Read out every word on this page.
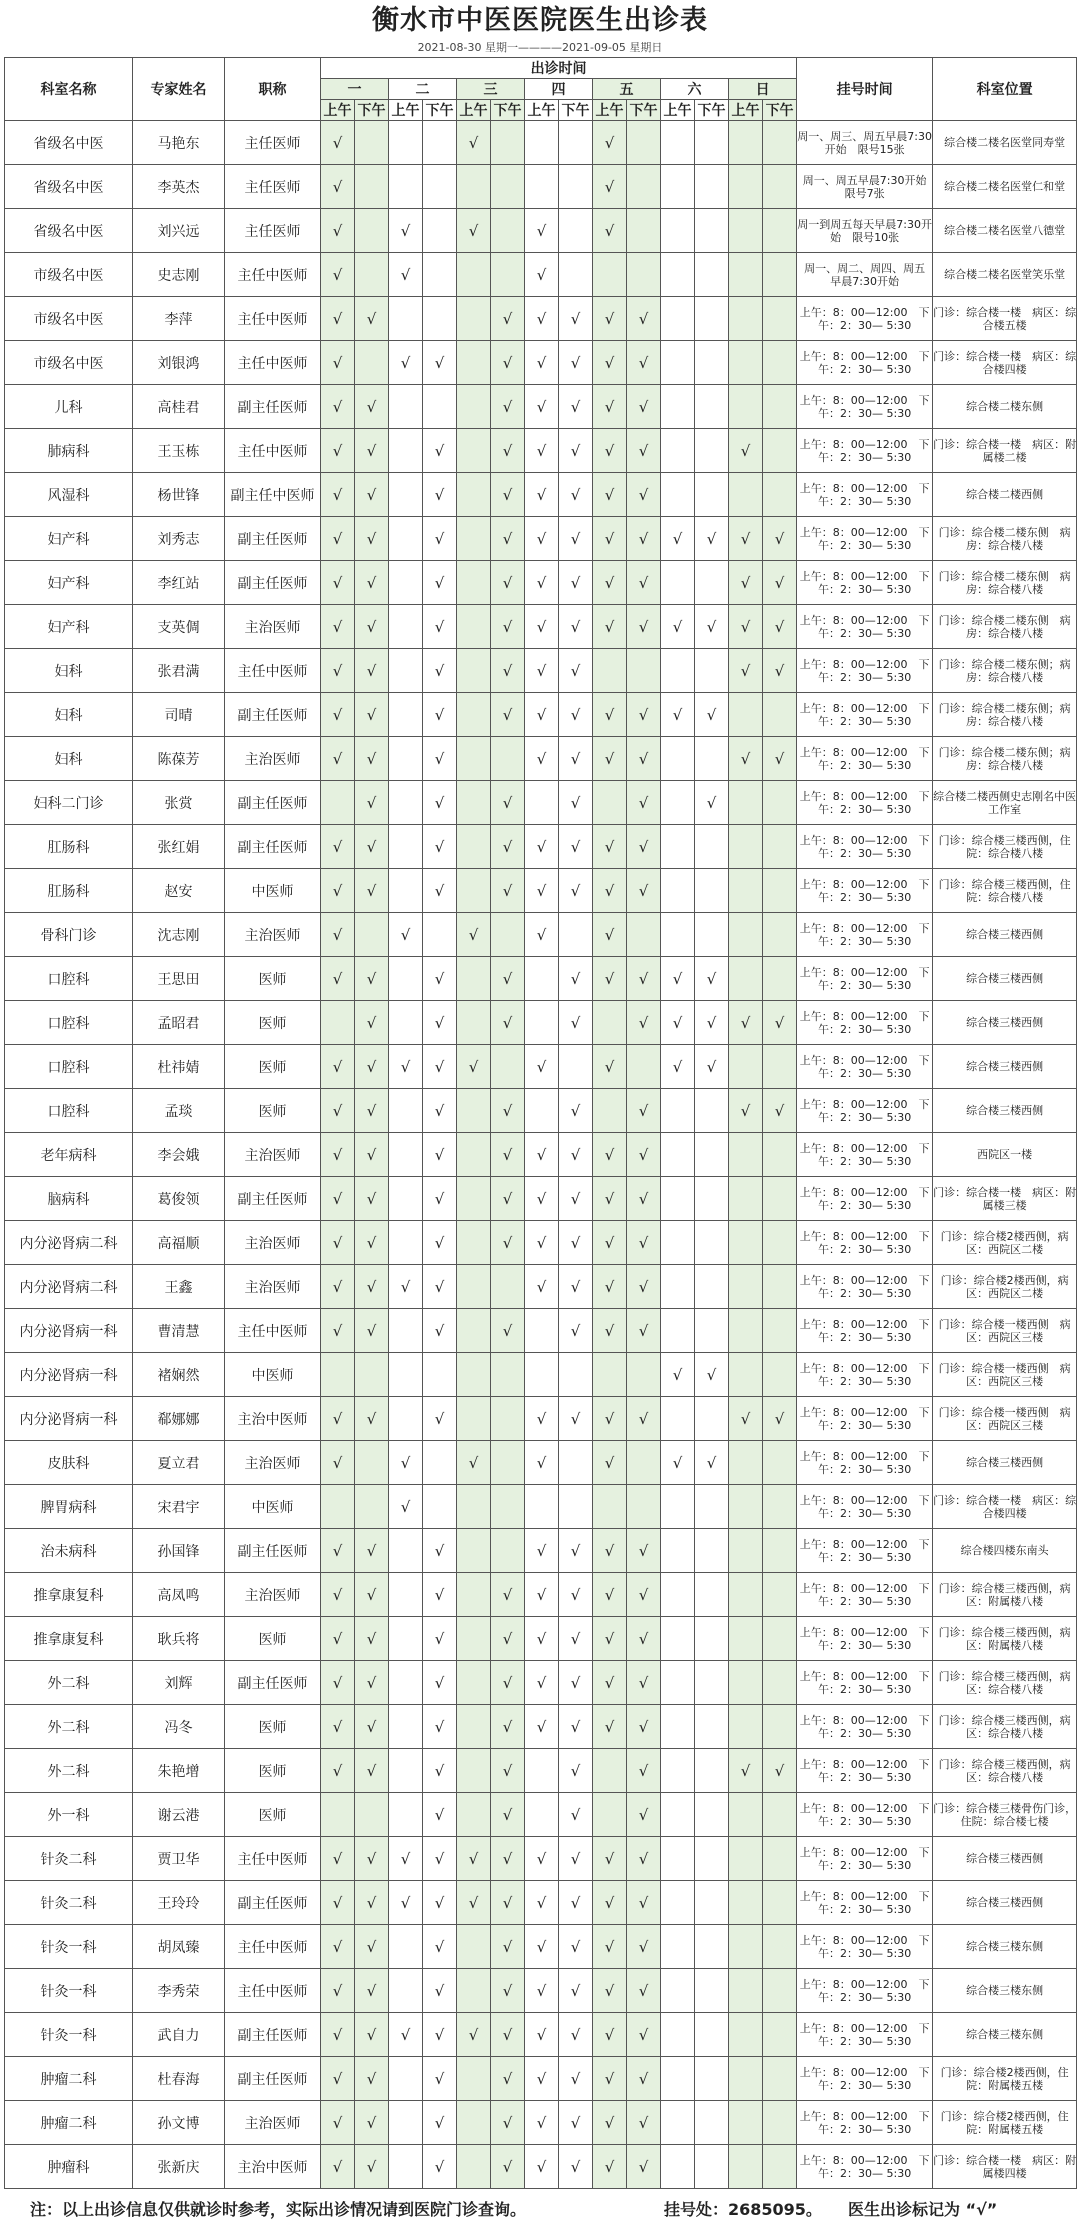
衡水市中医医院医生出诊表
2021-08-30 星期一————2021-09-05 星期日
科室名称	专家姓名	职称	出诊时间														挂号时间	科室位置
			一		二		三		四		五		六		日			
			上午	下午	上午	下午	上午	下午	上午	下午	上午	下午	上午	下午	上午	下午		
省级名中医	马艳东	主任医师	√				√				√						周一、周三、周五早晨7:30开始　限号15张	综合楼二楼名医堂同寿堂
省级名中医	李英杰	主任医师	√								√						周一、周五早晨7:30开始　限号7张	综合楼二楼名医堂仁和堂
省级名中医	刘兴远	主任医师	√		√		√		√		√						周一到周五每天早晨7:30开始　限号10张	综合楼二楼名医堂八德堂
市级名中医	史志刚	主任中医师	√		√				√								周一、周二、周四、周五　早晨7:30开始	综合楼二楼名医堂笑乐堂
市级名中医	李萍	主任中医师	√	√				√	√	√	√	√					上午：8：00—12:00　下午：2：30— 5:30	门诊：综合楼一楼　病区：综合楼五楼
市级名中医	刘银鸿	主任中医师	√		√	√		√	√	√	√	√					上午：8：00—12:00　下午：2：30— 5:30	门诊：综合楼一楼　病区：综合楼四楼
儿科	高桂君	副主任医师	√	√				√	√	√	√	√					上午：8：00—12:00　下午：2：30— 5:30	综合楼二楼东侧
肺病科	王玉栋	主任中医师	√	√		√		√	√	√	√	√			√		上午：8：00—12:00　下午：2：30— 5:30	门诊：综合楼一楼　病区：附属楼二楼
风湿科	杨世锋	副主任中医师	√	√		√		√	√	√	√	√					上午：8：00—12:00　下午：2：30— 5:30	综合楼二楼西侧
妇产科	刘秀志	副主任医师	√	√		√		√	√	√	√	√	√	√	√	√	上午：8：00—12:00　下午：2：30— 5:30	门诊：综合楼二楼东侧　病房：综合楼八楼
妇产科	李红站	副主任医师	√	√		√		√	√	√	√	√			√	√	上午：8：00—12:00　下午：2：30— 5:30	门诊：综合楼二楼东侧　病房：综合楼八楼
妇产科	支英倜	主治医师	√	√		√		√	√	√	√	√	√	√	√	√	上午：8：00—12:00　下午：2：30— 5:30	门诊：综合楼二楼东侧　病房：综合楼八楼
妇科	张君满	主任中医师	√	√		√		√	√	√					√	√	上午：8：00—12:00　下午：2：30— 5:30	门诊：综合楼二楼东侧；病房：综合楼八楼
妇科	司晴	副主任医师	√	√		√		√	√	√	√	√	√	√			上午：8：00—12:00　下午：2：30— 5:30	门诊：综合楼二楼东侧；病房：综合楼八楼
妇科	陈葆芳	主治医师	√	√		√			√	√	√	√			√	√	上午：8：00—12:00　下午：2：30— 5:30	门诊：综合楼二楼东侧；病房：综合楼八楼
妇科二门诊	张赏	副主任医师		√		√		√		√		√		√			上午：8：00—12:00　下午：2：30— 5:30	综合楼二楼西侧史志刚名中医工作室
肛肠科	张红娟	副主任医师	√	√		√		√	√	√	√	√					上午：8：00—12:00　下午：2：30— 5:30	门诊：综合楼三楼西侧，住院：综合楼八楼
肛肠科	赵安	中医师	√	√		√		√	√	√	√	√					上午：8：00—12:00　下午：2：30— 5:30	门诊：综合楼三楼西侧，住院：综合楼八楼
骨科门诊	沈志刚	主治医师	√		√		√		√		√						上午：8：00—12:00　下午：2：30— 5:30	综合楼三楼西侧
口腔科	王思田	医师	√	√		√		√		√	√	√	√	√			上午：8：00—12:00　下午：2：30— 5:30	综合楼三楼西侧
口腔科	孟昭君	医师		√		√		√		√		√	√	√	√	√	上午：8：00—12:00　下午：2：30— 5:30	综合楼三楼西侧
口腔科	杜祎婧	医师	√	√	√	√	√		√		√		√	√			上午：8：00—12:00　下午：2：30— 5:30	综合楼三楼西侧
口腔科	孟琰	医师	√	√		√		√		√		√			√	√	上午：8：00—12:00　下午：2：30— 5:30	综合楼三楼西侧
老年病科	李会娥	主治医师	√	√		√		√	√	√	√	√					上午：8：00—12:00　下午：2：30— 5:30	西院区一楼
脑病科	葛俊领	副主任医师	√	√		√		√	√	√	√	√					上午：8：00—12:00　下午：2：30— 5:30	门诊：综合楼一楼　病区：附属楼三楼
内分泌肾病二科	高福顺	主治医师	√	√		√		√	√	√	√	√					上午：8：00—12:00　下午：2：30— 5:30	门诊：综合楼2楼西侧，病区：西院区二楼
内分泌肾病二科	王鑫	主治医师	√	√	√	√			√	√	√	√					上午：8：00—12:00　下午：2：30— 5:30	门诊：综合楼2楼西侧，病区：西院区二楼
内分泌肾病一科	曹清慧	主任中医师	√	√		√		√		√	√	√					上午：8：00—12:00　下午：2：30— 5:30	门诊：综合楼一楼西侧　病区：西院区三楼
内分泌肾病一科	褚娴然	中医师											√	√			上午：8：00—12:00　下午：2：30— 5:30	门诊：综合楼一楼西侧　病区：西院区三楼
内分泌肾病一科	郗娜娜	主治中医师	√	√		√			√	√	√	√			√	√	上午：8：00—12:00　下午：2：30— 5:30	门诊：综合楼一楼西侧　病区：西院区三楼
皮肤科	夏立君	主治医师	√		√		√		√		√		√	√			上午：8：00—12:00　下午：2：30— 5:30	综合楼三楼西侧
脾胃病科	宋君宇	中医师			√												上午：8：00—12:00　下午：2：30— 5:30	门诊：综合楼一楼　病区：综合楼四楼
治未病科	孙国锋	副主任医师	√	√		√			√	√	√	√					上午：8：00—12:00　下午：2：30— 5:30	综合楼四楼东南头
推拿康复科	高凤鸣	主治医师	√	√		√		√	√	√	√	√					上午：8：00—12:00　下午：2：30— 5:30	门诊：综合楼三楼西侧，病区：附属楼八楼
推拿康复科	耿兵将	医师	√	√		√		√	√	√	√	√					上午：8：00—12:00　下午：2：30— 5:30	门诊：综合楼三楼西侧，病区：附属楼八楼
外二科	刘辉	副主任医师	√	√		√		√	√	√	√	√					上午：8：00—12:00　下午：2：30— 5:30	门诊：综合楼三楼西侧，病区：综合楼八楼
外二科	冯冬	医师	√	√		√		√	√	√	√	√					上午：8：00—12:00　下午：2：30— 5:30	门诊：综合楼三楼西侧，病区：综合楼八楼
外二科	朱艳增	医师	√	√		√		√		√		√			√	√	上午：8：00—12:00　下午：2：30— 5:30	门诊：综合楼三楼西侧，病区：综合楼八楼
外一科	谢云港	医师				√		√		√		√					上午：8：00—12:00　下午：2：30— 5:30	门诊：综合楼三楼骨伤门诊，住院：综合楼七楼
针灸二科	贾卫华	主任中医师	√	√	√	√	√	√	√	√	√	√					上午：8：00—12:00　下午：2：30— 5:30	综合楼三楼西侧
针灸二科	王玲玲	副主任医师	√	√	√	√	√	√	√	√	√	√					上午：8：00—12:00　下午：2：30— 5:30	综合楼三楼西侧
针灸一科	胡凤臻	主任中医师	√	√		√		√	√	√	√	√					上午：8：00—12:00　下午：2：30— 5:30	综合楼三楼东侧
针灸一科	李秀荣	主任中医师	√	√		√		√	√	√	√	√					上午：8：00—12:00　下午：2：30— 5:30	综合楼三楼东侧
针灸一科	武自力	副主任医师	√	√	√	√	√	√	√	√	√	√					上午：8：00—12:00　下午：2：30— 5:30	综合楼三楼东侧
肿瘤二科	杜春海	副主任医师	√	√		√		√	√	√	√	√					上午：8：00—12:00　下午：2：30— 5:30	门诊：综合楼2楼西侧，住院：附属楼五楼
肿瘤二科	孙文博	主治医师	√	√		√		√	√	√	√	√					上午：8：00—12:00　下午：2：30— 5:30	门诊：综合楼2楼西侧，住院：附属楼五楼
肿瘤科	张新庆	主治中医师	√	√		√		√	√	√	√	√					上午：8：00—12:00　下午：2：30— 5:30	门诊：综合楼一楼　病区：附属楼四楼
注：以上出诊信息仅供就诊时参考，实际出诊情况请到医院门诊查询。	挂号处：2685095。 医生出诊标记为 “√”
